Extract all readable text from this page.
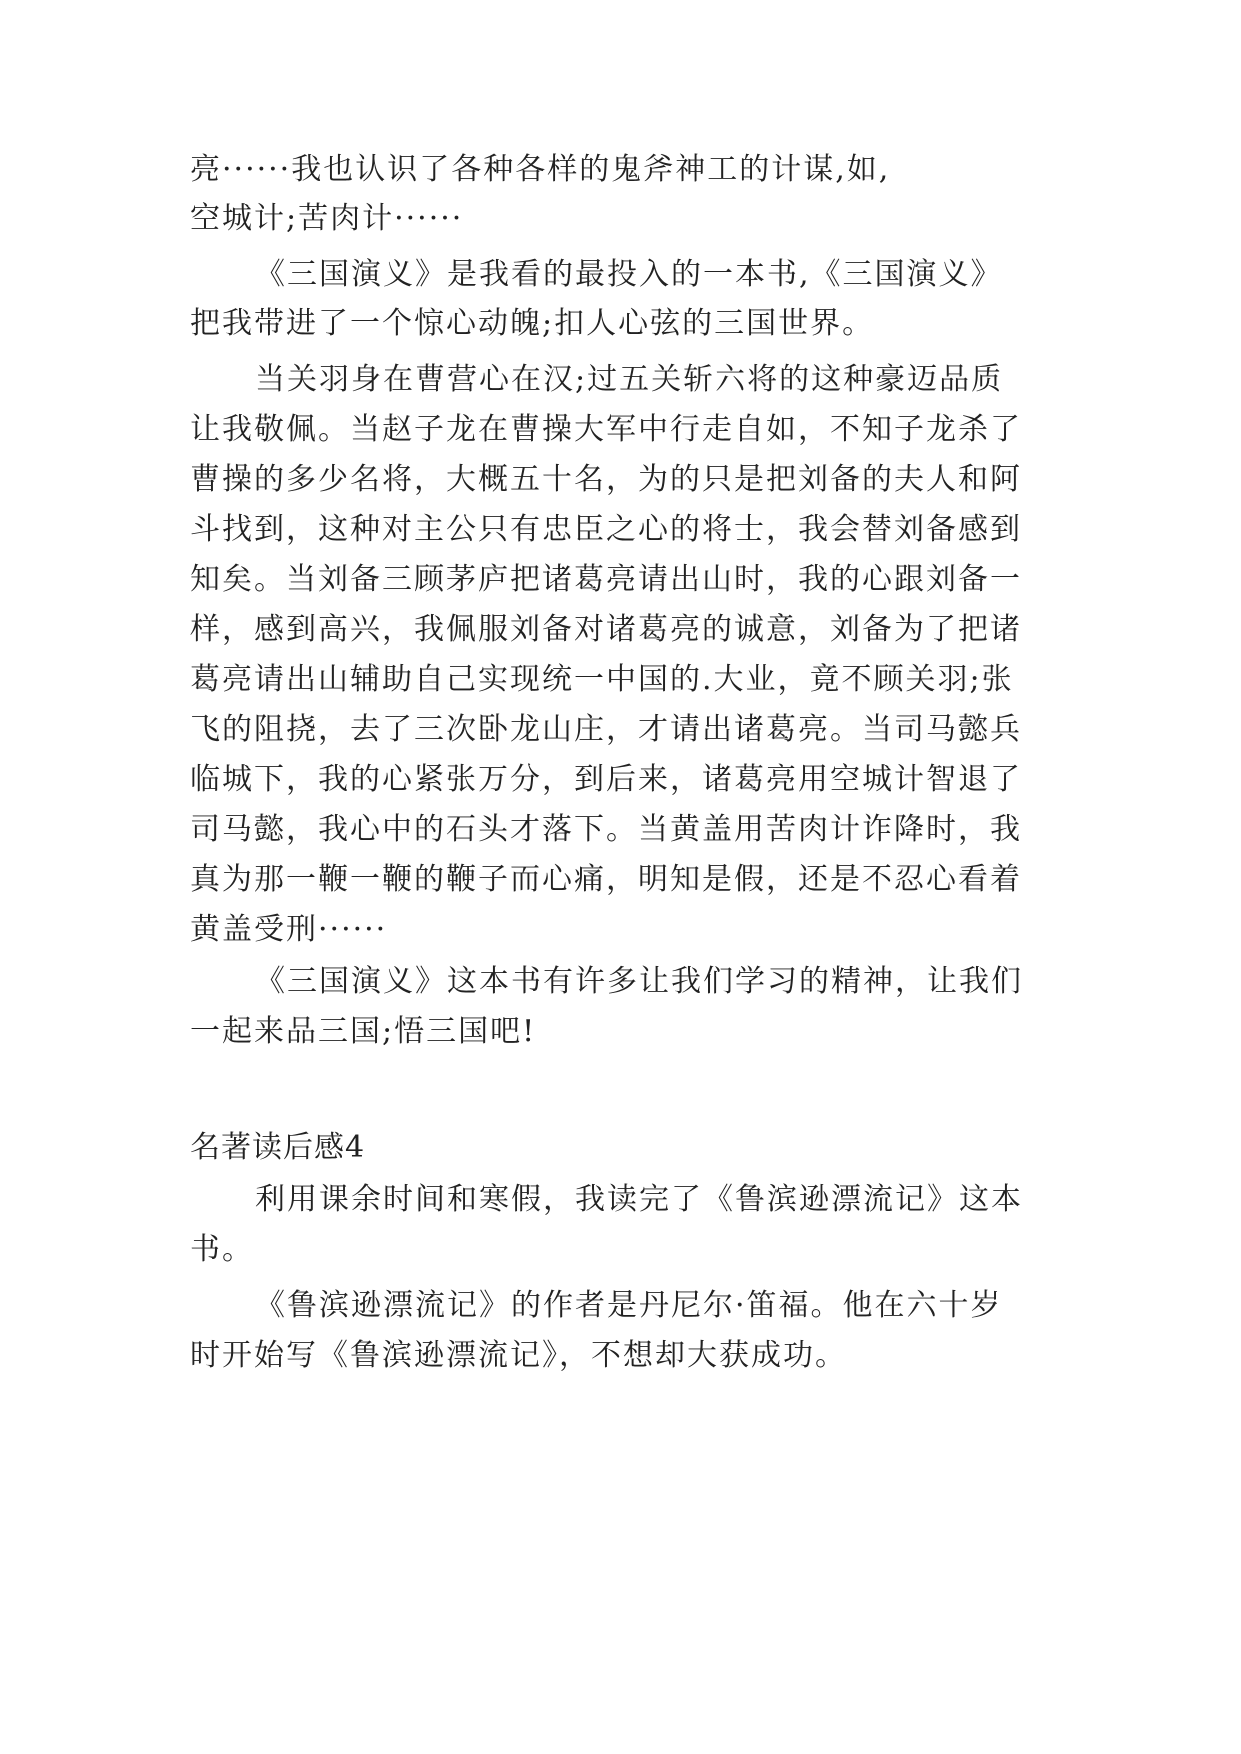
亮······我也认识了各种各样的鬼斧神工的计谋,如,
空城计;苦肉计······
《三国演义》是我看的最投入的一本书,《三国演义》
把我带进了一个惊心动魄;扣人心弦的三国世界。
当关羽身在曹营心在汉;过五关斩六将的这种豪迈品质
让我敬佩。当赵子龙在曹操大军中行走自如，不知子龙杀了
曹操的多少名将，大概五十名，为的只是把刘备的夫人和阿
斗找到，这种对主公只有忠臣之心的将士，我会替刘备感到
知矣。当刘备三顾茅庐把诸葛亮请出山时，我的心跟刘备一
样，感到高兴，我佩服刘备对诸葛亮的诚意，刘备为了把诸
葛亮请出山辅助自己实现统一中国的.大业，竟不顾关羽;张
飞的阻挠，去了三次卧龙山庄，才请出诸葛亮。当司马懿兵
临城下，我的心紧张万分，到后来，诸葛亮用空城计智退了
司马懿，我心中的石头才落下。当黄盖用苦肉计诈降时，我
真为那一鞭一鞭的鞭子而心痛，明知是假，还是不忍心看着
黄盖受刑······
《三国演义》这本书有许多让我们学习的精神，让我们
一起来品三国;悟三国吧!
名著读后感4
利用课余时间和寒假，我读完了《鲁滨逊漂流记》这本
书。
《鲁滨逊漂流记》的作者是丹尼尔·笛福。他在六十岁
时开始写《鲁滨逊漂流记》，不想却大获成功。
